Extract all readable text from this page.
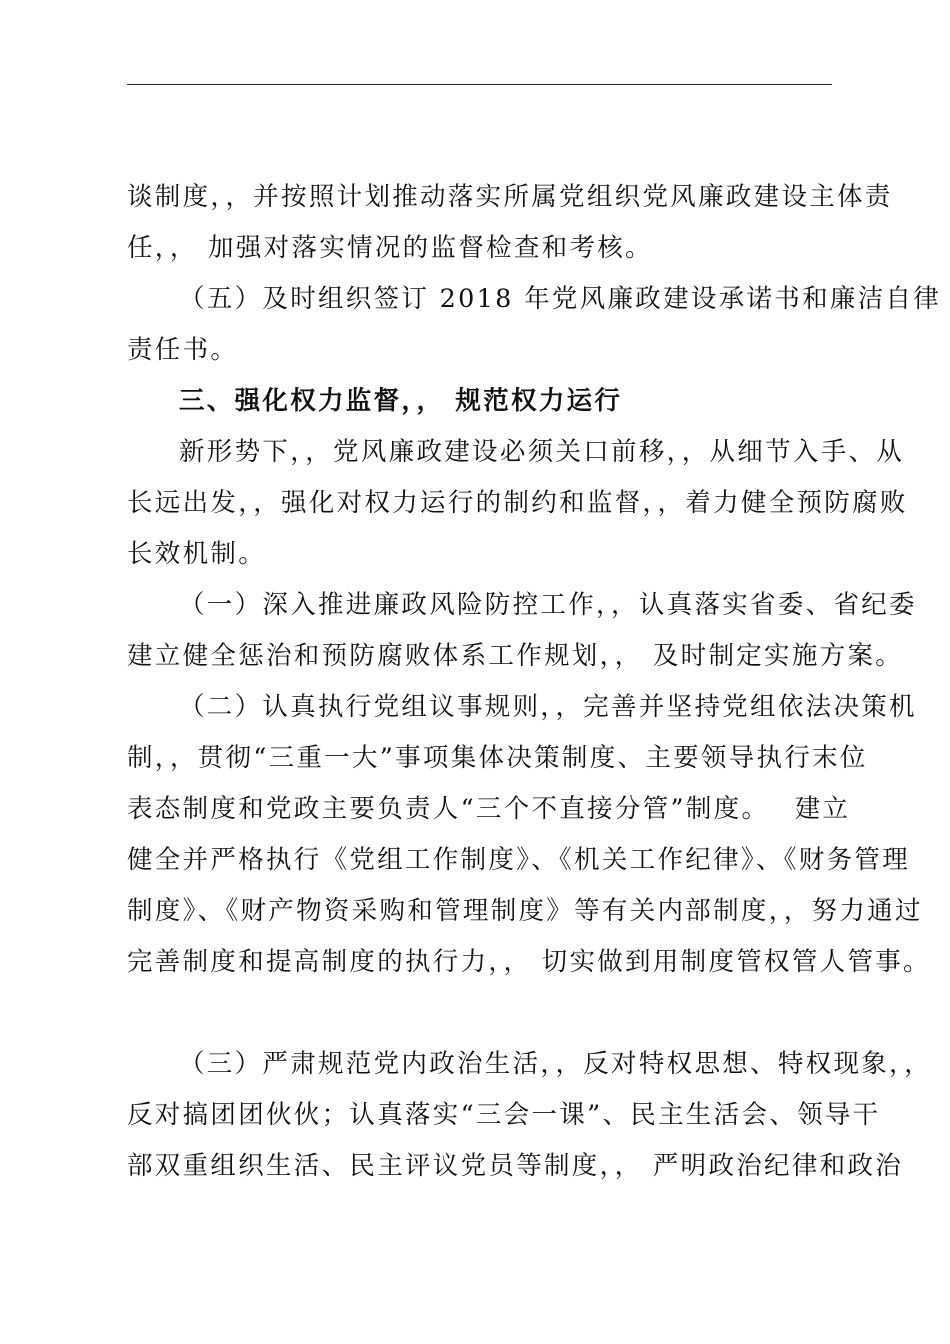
谈制度，，并按照计划推动落实所属党组织党风廉政建设主体责

任，， 加强对落实情况的监督检查和考核。

（五）及时组织签订 2018 年党风廉政建设承诺书和廉洁自律

责任书。

三、强化权力监督，， 规范权力运行

新形势下，，党风廉政建设必须关口前移，，从细节入手、从

长远出发，，强化对权力运行的制约和监督，，着力健全预防腐败

长效机制。

（一）深入推进廉政风险防控工作，，认真落实省委、省纪委

建立健全惩治和预防腐败体系工作规划，， 及时制定实施方案。

（二）认真执行党组议事规则，，完善并坚持党组依法决策机

制，，贯彻“三重一大”事项集体决策制度、主要领导执行末位

表态制度和党政主要负责人“三个不直接分管”制度。　 建立

健全并严格执行《党组工作制度》、《机关工作纪律》、《财务管理

制度》、《财产物资采购和管理制度》等有关内部制度，，努力通过

完善制度和提高制度的执行力，， 切实做到用制度管权管人管事。

（三）严肃规范党内政治生活，，反对特权思想、特权现象，，

反对搞团团伙伙；认真落实“三会一课”、民主生活会、领导干

部双重组织生活、民主评议党员等制度，， 严明政治纪律和政治
